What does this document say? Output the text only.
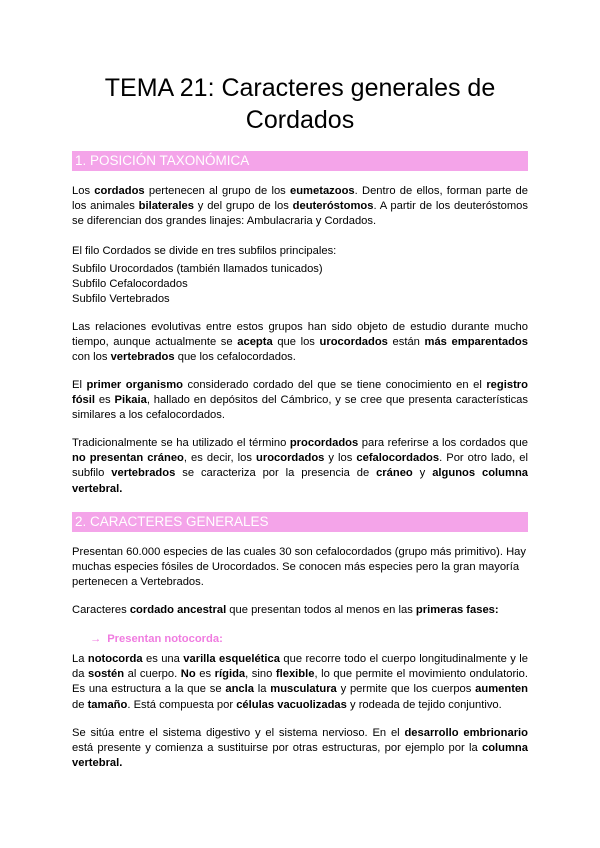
TEMA 21: Caracteres generales de
Cordados
1. POSICIÓN TAXONÓMICA

Los cordados pertenecen al grupo de los eumetazoos. Dentro de ellos, forman parte de los animales bilaterales y del grupo de los deuteróstomos. A partir de los deuteróstomos se diferencian dos grandes linajes: Ambulacraria y Cordados.

El filo Cordados se divide en tres subfilos principales:

Subfilo Urocordados (también llamados tunicados)

Subfilo Cefalocordados

Subfilo Vertebrados

Las relaciones evolutivas entre estos grupos han sido objeto de estudio durante mucho tiempo, aunque actualmente se acepta que los urocordados están más emparentados con los vertebrados que los cefalocordados.

El primer organismo considerado cordado del que se tiene conocimiento en el registro fósil es Pikaia, hallado en depósitos del Cámbrico, y se cree que presenta características similares a los cefalocordados.

Tradicionalmente se ha utilizado el término procordados para referirse a los cordados que no presentan cráneo, es decir, los urocordados y los cefalocordados. Por otro lado, el subfilo vertebrados se caracteriza por la presencia de cráneo y algunos columna vertebral.

2. CARACTERES GENERALES

Presentan 60.000 especies de las cuales 30 son cefalocordados (grupo más primitivo). Hay muchas especies fósiles de Urocordados. Se conocen más especies pero la gran mayoría pertenecen a Vertebrados.

Caracteres cordado ancestral que presentan todos al menos en las primeras fases:

→ Presentan notocorda:

La notocorda es una varilla esquelética que recorre todo el cuerpo longitudinalmente y le da sostén al cuerpo. No es rígida, sino flexible, lo que permite el movimiento ondulatorio. Es una estructura a la que se ancla la musculatura y permite que los cuerpos aumenten de tamaño. Está compuesta por células vacuolizadas y rodeada de tejido conjuntivo.

Se sitúa entre el sistema digestivo y el sistema nervioso. En el desarrollo embrionario está presente y comienza a sustituirse por otras estructuras, por ejemplo por la columna vertebral.
